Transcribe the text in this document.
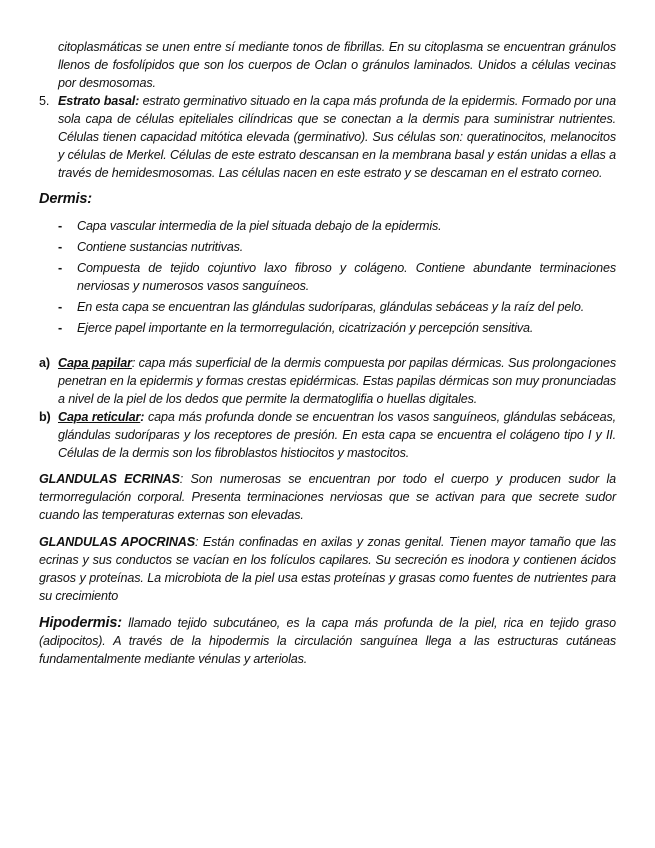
citoplasmáticas se unen entre sí mediante tonos de fibrillas. En su citoplasma se encuentran gránulos llenos de fosfolípidos que son los cuerpos de Oclan o gránulos laminados. Unidos a células vecinas por desmosomas.
5. Estrato basal: estrato germinativo situado en la capa más profunda de la epidermis. Formado por una sola capa de células epiteliales cilíndricas que se conectan a la dermis para suministrar nutrientes. Células tienen capacidad mitótica elevada (germinativo). Sus células son: queratinocitos, melanocitos y células de Merkel. Células de este estrato descansan en la membrana basal y están unidas a ellas a través de hemidesmosomas. Las células nacen en este estrato y se descaman en el estrato corneo.
Dermis:
-	Capa vascular intermedia de la piel situada debajo de la epidermis.
-	Contiene sustancias nutritivas.
-	Compuesta de tejido cojuntivo laxo fibroso y colágeno. Contiene abundante terminaciones nerviosas y numerosos vasos sanguíneos.
-	En esta capa se encuentran las glándulas sudoríparas, glándulas sebáceas y la raíz del pelo.
-	Ejerce papel importante en la termorregulación, cicatrización y percepción sensitiva.
a) Capa papilar: capa más superficial de la dermis compuesta por papilas dérmicas. Sus prolongaciones penetran en la epidermis y formas crestas epidérmicas. Estas papilas dérmicas son muy pronunciadas a nivel de la piel de los dedos que permite la dermatoglifia o huellas digitales.
b) Capa reticular: capa más profunda donde se encuentran los vasos sanguíneos, glándulas sebáceas, glándulas sudoríparas y los receptores de presión. En esta capa se encuentra el colágeno tipo I y II. Células de la dermis son los fibroblastos histiocitos y mastocitos.
GLANDULAS ECRINAS: Son numerosas se encuentran por todo el cuerpo y producen sudor la termorregulación corporal. Presenta terminaciones nerviosas que se activan para que secrete sudor cuando las temperaturas externas son elevadas.
GLANDULAS APOCRINAS: Están confinadas en axilas y zonas genital. Tienen mayor tamaño que las ecrinas y sus conductos se vacían en los folículos capilares. Su secreción es inodora y contienen ácidos grasos y proteínas. La microbiota de la piel usa estas proteínas y grasas como fuentes de nutrientes para su crecimiento
Hipodermis: llamado tejido subcutáneo, es la capa más profunda de la piel, rica en tejido graso (adipocitos). A través de la hipodermis la circulación sanguínea llega a las estructuras cutáneas fundamentalmente mediante vénulas y arteriolas.
